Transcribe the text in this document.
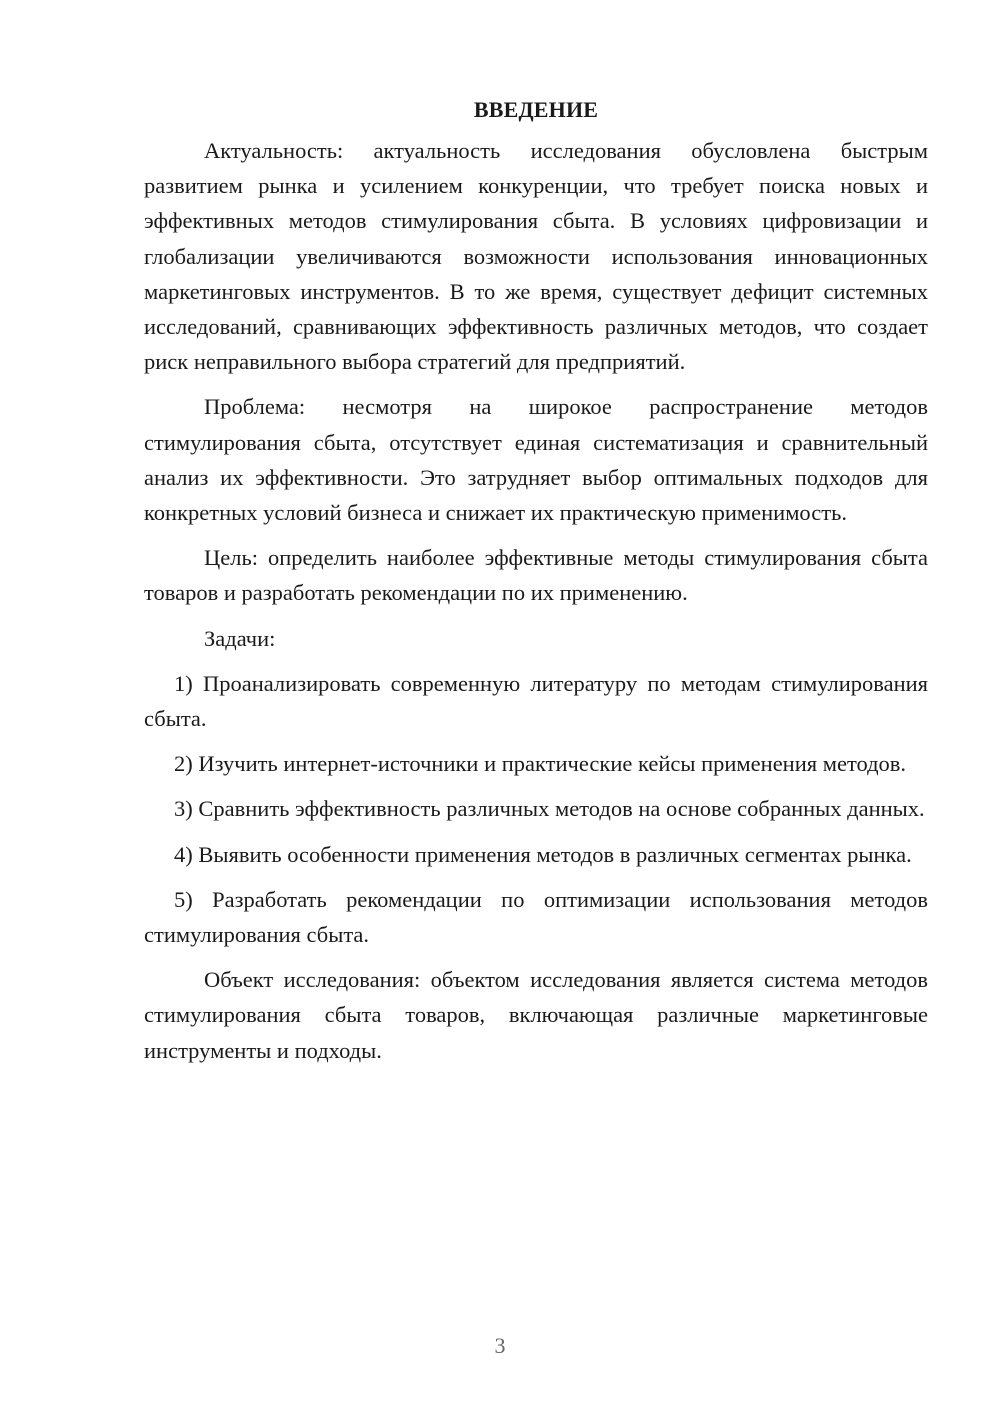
ВВЕДЕНИЕ

Актуальность: актуальность исследования обусловлена быстрым развитием рынка и усилением конкуренции, что требует поиска новых и эффективных методов стимулирования сбыта. В условиях цифровизации и глобализации увеличиваются возможности использования инновационных маркетинговых инструментов. В то же время, существует дефицит системных исследований, сравнивающих эффективность различных методов, что создает риск неправильного выбора стратегий для предприятий.

Проблема: несмотря на широкое распространение методов стимулирования сбыта, отсутствует единая систематизация и сравнительный анализ их эффективности. Это затрудняет выбор оптимальных подходов для конкретных условий бизнеса и снижает их практическую применимость.

Цель: определить наиболее эффективные методы стимулирования сбыта товаров и разработать рекомендации по их применению.

Задачи:

1) Проанализировать современную литературу по методам стимулирования сбыта.

2) Изучить интернет-источники и практические кейсы применения методов.

3) Сравнить эффективность различных методов на основе собранных данных.

4) Выявить особенности применения методов в различных сегментах рынка.

5) Разработать рекомендации по оптимизации использования методов стимулирования сбыта.

Объект исследования: объектом исследования является система методов стимулирования сбыта товаров, включающая различные маркетинговые инструменты и подходы.

3
